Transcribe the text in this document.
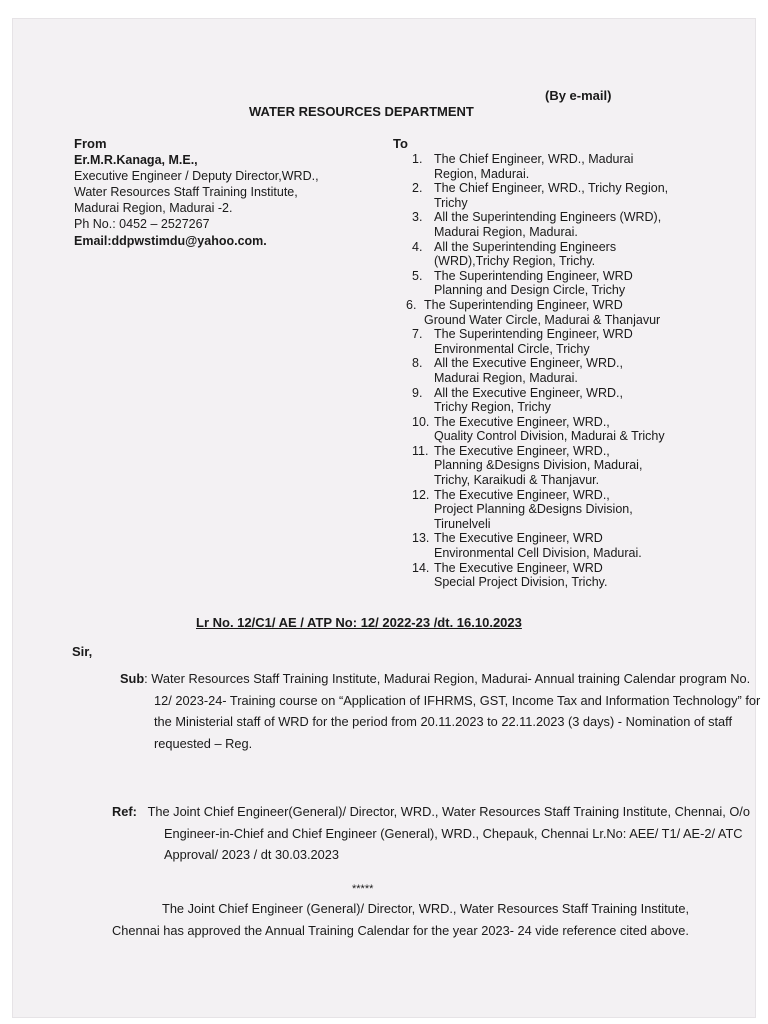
(By e-mail)
WATER RESOURCES DEPARTMENT
From	To
Er.M.R.Kanaga, M.E.,
Executive Engineer / Deputy Director,WRD.,
Water Resources Staff Training Institute,
Madurai Region, Madurai -2.
Ph No.: 0452 – 2527267
Email:ddpwstimdu@yahoo.com.
1. The Chief Engineer, WRD., Madurai
Region, Madurai.
2. The Chief Engineer, WRD., Trichy Region,
Trichy
3. All the Superintending Engineers (WRD),
Madurai Region, Madurai.
4. All the Superintending Engineers
(WRD),Trichy Region, Trichy.
5. The Superintending Engineer, WRD
Planning and Design Circle, Trichy
6. The Superintending Engineer, WRD
Ground Water Circle, Madurai & Thanjavur
7. The Superintending Engineer, WRD
Environmental Circle, Trichy
8. All the Executive Engineer, WRD.,
Madurai Region, Madurai.
9. All the Executive Engineer, WRD.,
Trichy Region, Trichy
10. The Executive Engineer, WRD.,
Quality Control Division, Madurai & Trichy
11. The Executive Engineer, WRD.,
Planning &Designs Division, Madurai,
Trichy, Karaikudi & Thanjavur.
12. The Executive Engineer, WRD.,
Project Planning &Designs Division,
Tirunelveli
13. The Executive Engineer, WRD
Environmental Cell Division, Madurai.
14. The Executive Engineer, WRD
Special Project Division, Trichy.
Lr No. 12/C1/ AE / ATP No: 12/ 2022-23 /dt. 16.10.2023
Sir,
Sub: Water Resources Staff Training Institute, Madurai Region, Madurai- Annual training Calendar program No. 12/ 2023-24- Training course on “Application of IFHRMS, GST, Income Tax and Information Technology” for the Ministerial staff of WRD for the period from 20.11.2023 to 22.11.2023 (3 days) - Nomination of staff requested – Reg.
Ref: The Joint Chief Engineer(General)/ Director, WRD., Water Resources Staff Training Institute, Chennai, O/o Engineer-in-Chief and Chief Engineer (General), WRD., Chepauk, Chennai Lr.No: AEE/ T1/ AE-2/ ATC Approval/ 2023 / dt 30.03.2023
*****
The Joint Chief Engineer (General)/ Director, WRD., Water Resources Staff Training Institute, Chennai has approved the Annual Training Calendar for the year 2023- 24 vide reference cited above.
